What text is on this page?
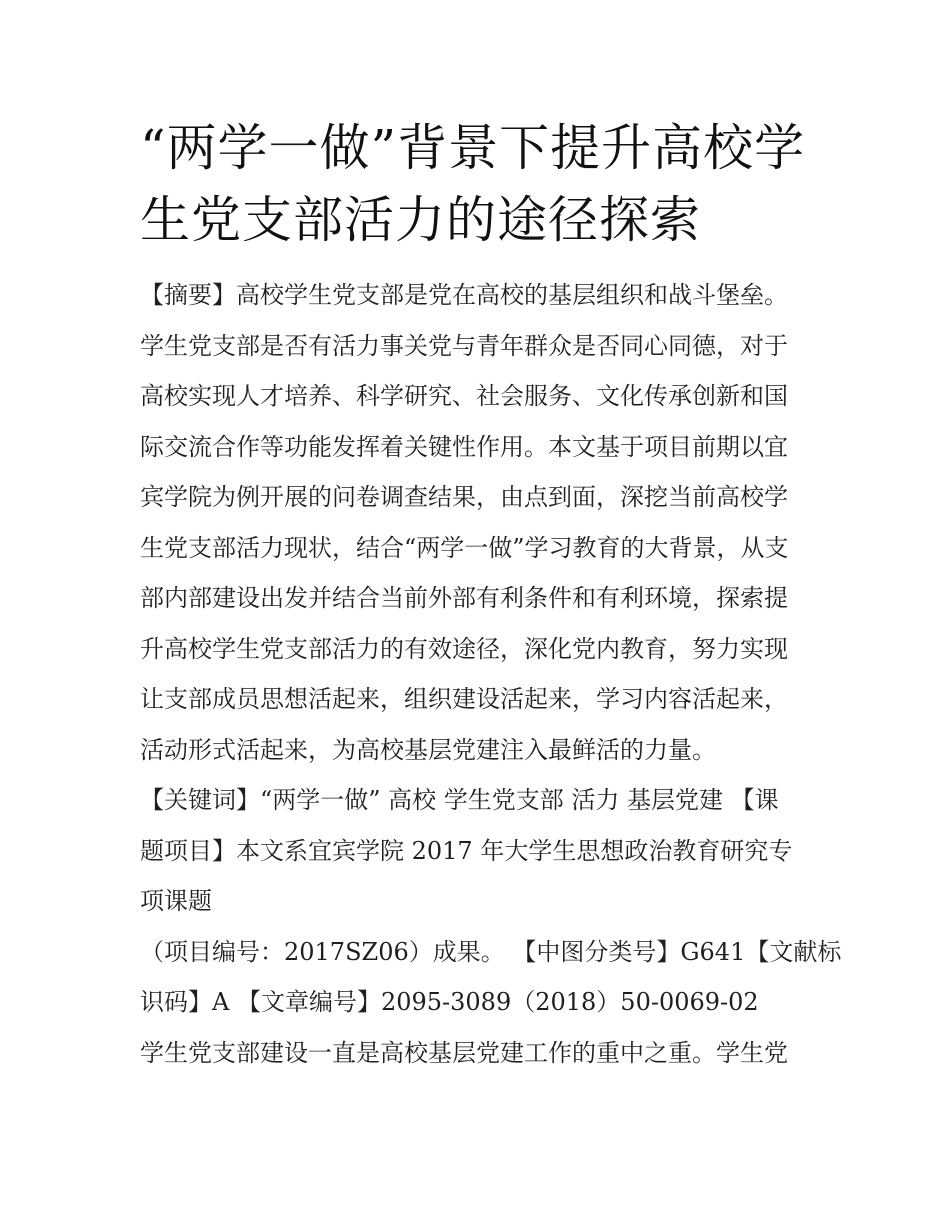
“两学一做”背景下提升高校学
生党支部活力的途径探索

【摘要】高校学生党支部是党在高校的基层组织和战斗堡垒。
学生党支部是否有活力事关党与青年群众是否同心同德，对于
高校实现人才培养、科学研究、社会服务、文化传承创新和国
际交流合作等功能发挥着关键性作用。本文基于项目前期以宜
宾学院为例开展的问卷调查结果，由点到面，深挖当前高校学
生党支部活力现状，结合“两学一做”学习教育的大背景，从支
部内部建设出发并结合当前外部有利条件和有利环境，探索提
升高校学生党支部活力的有效途径，深化党内教育，努力实现
让支部成员思想活起来，组织建设活起来，学习内容活起来，
活动形式活起来，为高校基层党建注入最鲜活的力量。

【关键词】“两学一做” 高校 学生党支部 活力 基层党建 【课
题项目】本文系宜宾学院 2017 年大学生思想政治教育研究专
项课题

（项目编号：2017SZ06）成果。 【中图分类号】G641【文献标
识码】A 【文章编号】2095-3089（2018）50-0069-02

学生党支部建设一直是高校基层党建工作的重中之重。学生党
